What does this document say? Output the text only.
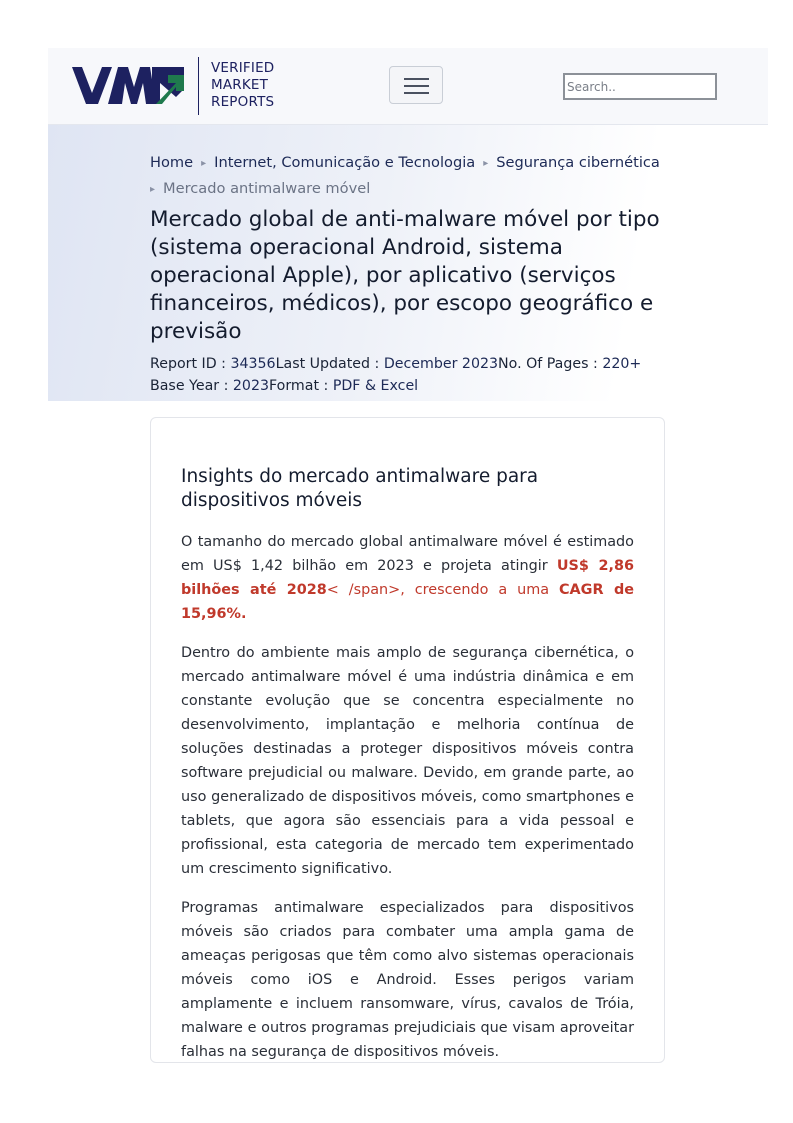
VERIFIED
MARKET
REPORTS
Search..
Home ▸ Internet, Comunicação e Tecnologia ▸ Segurança cibernética
▸ Mercado antimalware móvel
Mercado global de anti-malware móvel por tipo (sistema operacional Android, sistema operacional Apple), por aplicativo (serviços financeiros, médicos), por escopo geográfico e previsão
Report ID : 34356Last Updated : December 2023No. Of Pages : 220+
Base Year : 2023Format : PDF & Excel
Insights do mercado antimalware para dispositivos móveis

O tamanho do mercado global antimalware móvel é estimado em US$ 1,42 bilhão em 2023 e projeta atingir US$ 2,86 bilhões até 2028< /span>, crescendo a uma CAGR de 15,96%.

Dentro do ambiente mais amplo de segurança cibernética, o mercado antimalware móvel é uma indústria dinâmica e em constante evolução que se concentra especialmente no desenvolvimento, implantação e melhoria contínua de soluções destinadas a proteger dispositivos móveis contra software prejudicial ou malware. Devido, em grande parte, ao uso generalizado de dispositivos móveis, como smartphones e tablets, que agora são essenciais para a vida pessoal e profissional, esta categoria de mercado tem experimentado um crescimento significativo.

Programas antimalware especializados para dispositivos móveis são criados para combater uma ampla gama de ameaças perigosas que têm como alvo sistemas operacionais móveis como iOS e Android. Esses perigos variam amplamente e incluem ransomware, vírus, cavalos de Tróia, malware e outros programas prejudiciais que visam aproveitar falhas na segurança de dispositivos móveis.
